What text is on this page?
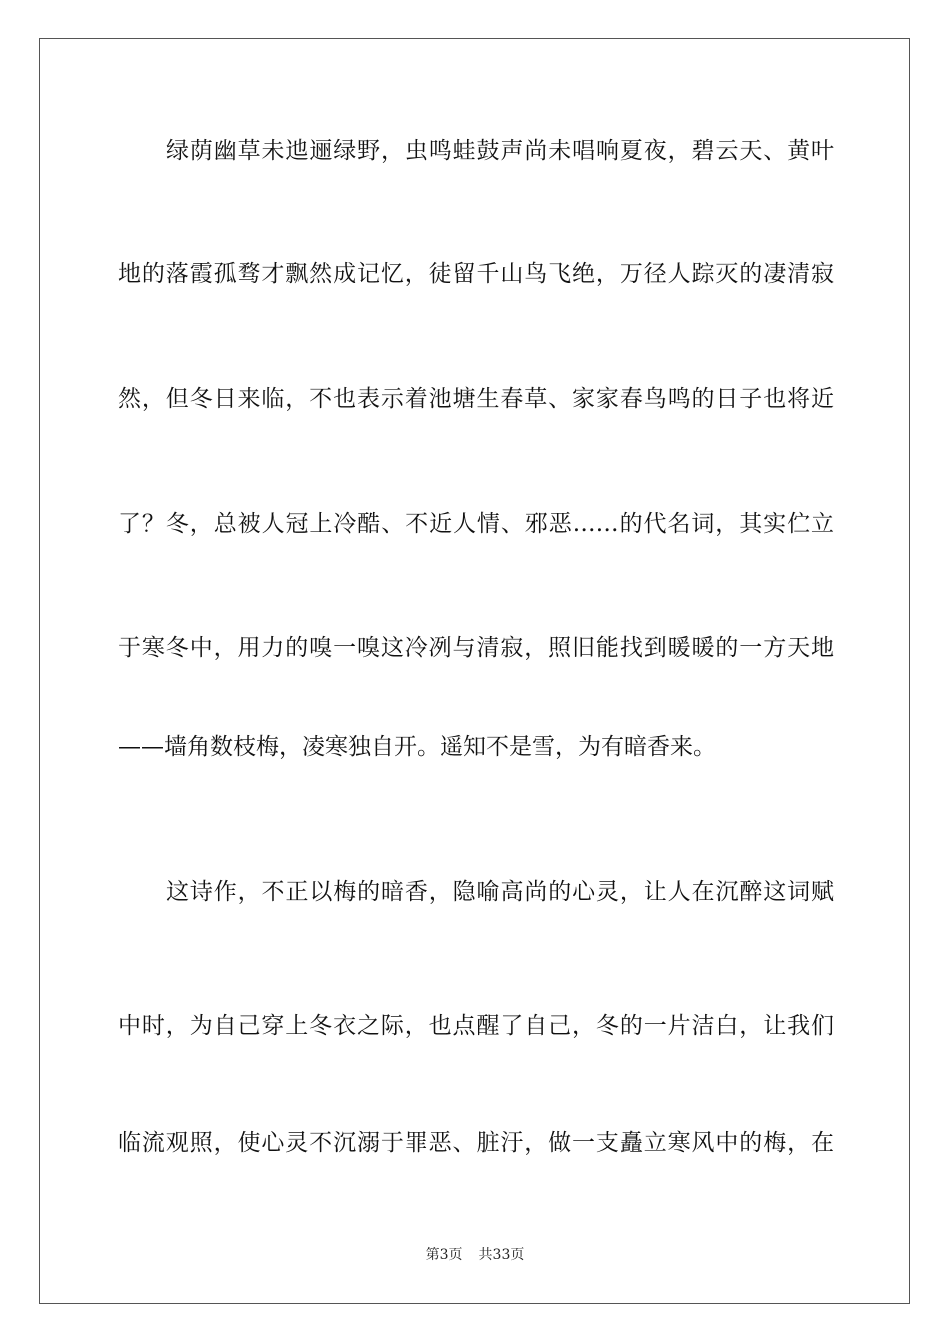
绿荫幽草未迆逦绿野，虫鸣蛙鼓声尚未唱响夏夜，碧云天、黄叶
地的落霞孤骛才飘然成记忆，徒留千山鸟飞绝，万径人踪灭的凄清寂
然，但冬日来临，不也表示着池塘生春草、家家春鸟鸣的日子也将近
了？冬，总被人冠上冷酷、不近人情、邪恶……的代名词，其实伫立
于寒冬中，用力的嗅一嗅这冷冽与清寂，照旧能找到暖暖的一方天地
——墙角数枝梅，凌寒独自开。遥知不是雪，为有暗香来。
这诗作，不正以梅的暗香，隐喻高尚的心灵，让人在沉醉这词赋
中时，为自己穿上冬衣之际，也点醒了自己，冬的一片洁白，让我们
临流观照，使心灵不沉溺于罪恶、脏汙，做一支矗立寒风中的梅，在
第3页 共33页
